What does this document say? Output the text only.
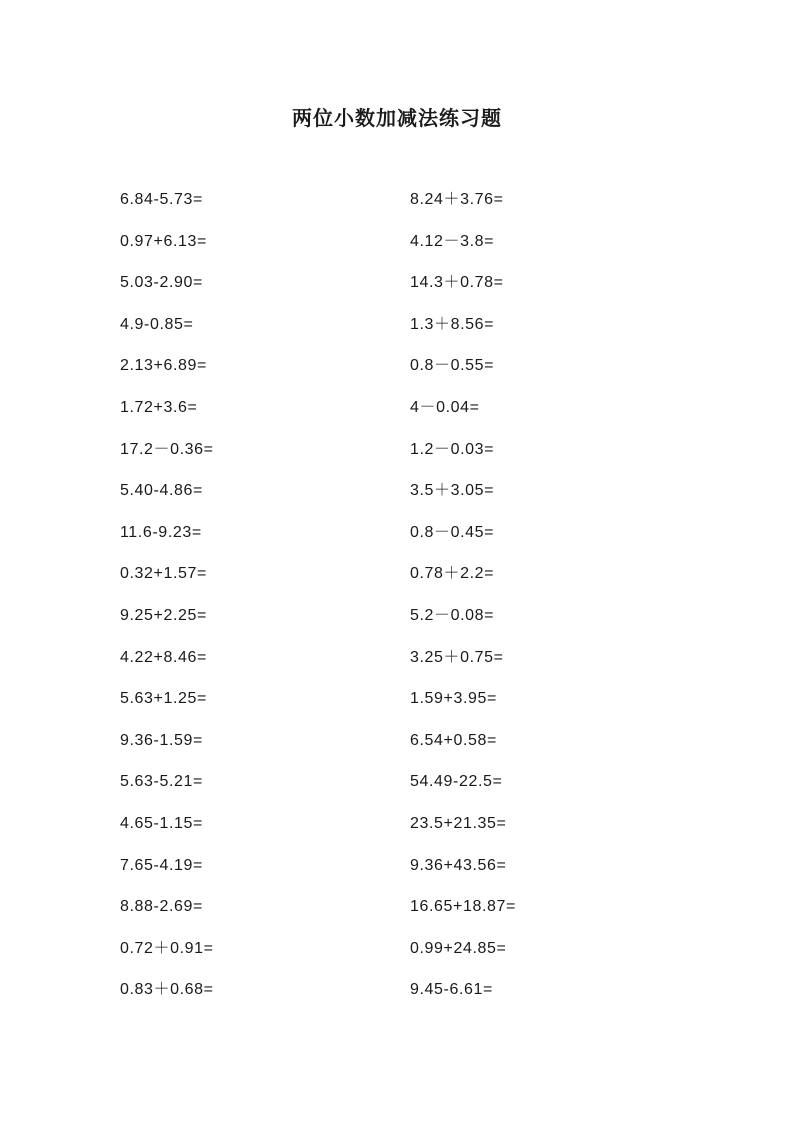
两位小数加减法练习题
6.84-5.73=
0.97+6.13=
5.03-2.90=
4.9-0.85=
2.13+6.89=
1.72+3.6=
17.2－0.36=
5.40-4.86=
11.6-9.23=
0.32+1.57=
9.25+2.25=
4.22+8.46=
5.63+1.25=
9.36-1.59=
5.63-5.21=
4.65-1.15=
7.65-4.19=
8.88-2.69=
0.72＋0.91=
0.83＋0.68=
8.24＋3.76=
4.12－3.8=
14.3＋0.78=
1.3＋8.56=
0.8－0.55=
4－0.04=
1.2－0.03=
3.5＋3.05=
0.8－0.45=
0.78＋2.2=
5.2－0.08=
3.25＋0.75=
1.59+3.95=
6.54+0.58=
54.49-22.5=
23.5+21.35=
9.36+43.56=
16.65+18.87=
0.99+24.85=
9.45-6.61=
